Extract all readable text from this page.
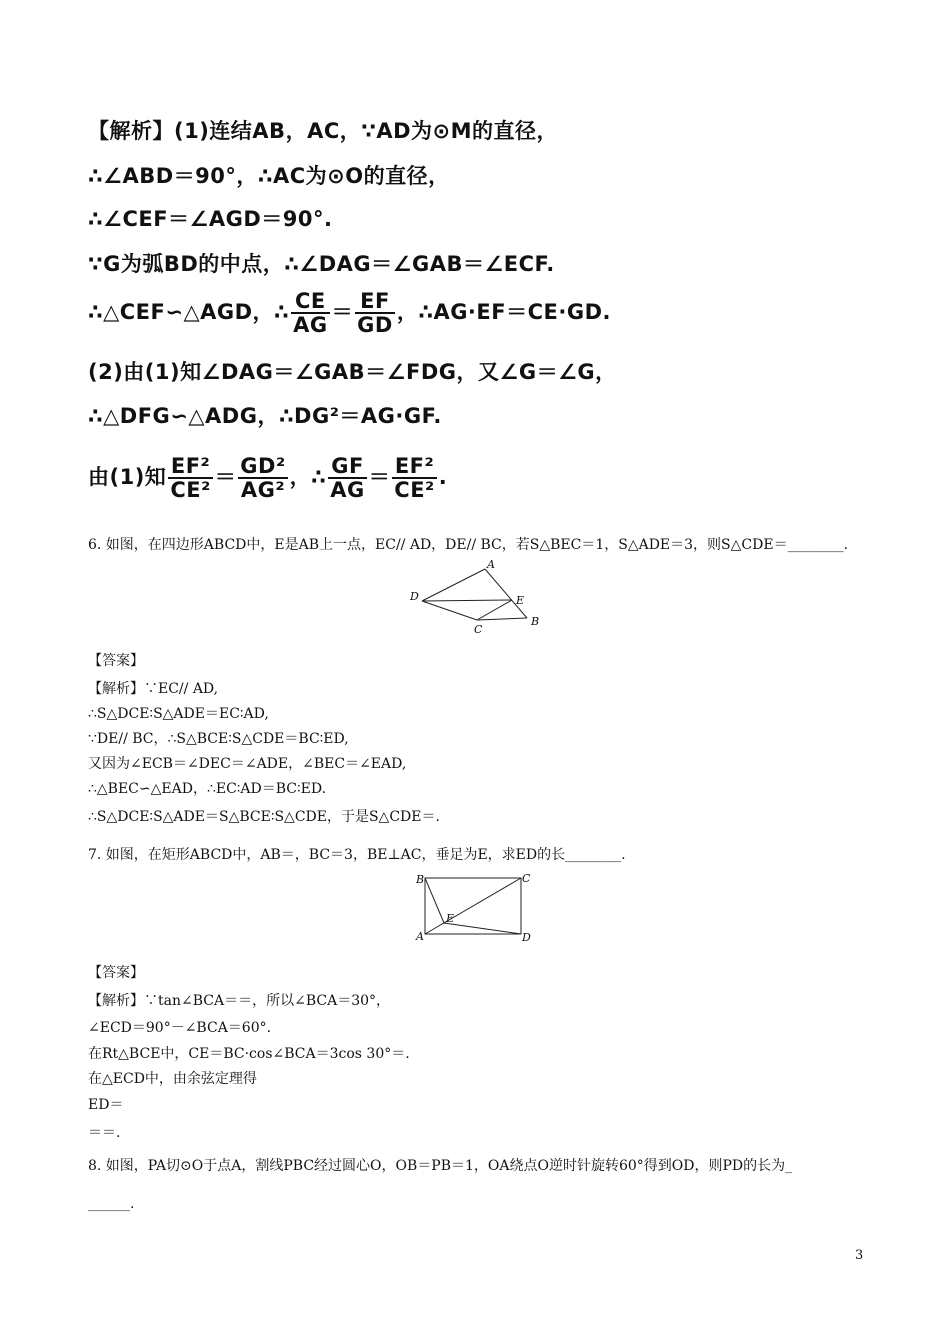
【解析】(1)连结AB，AC，∵AD为⊙M的直径，
∴∠ABD＝90°，∴AC为⊙O的直径，
∴∠CEF＝∠AGD＝90°.
∵G为弧BD的中点，∴∠DAG＝∠GAB＝∠ECF.
∴△CEF∽△AGD，∴ $\frac{CE}{AG} = \frac{EF}{GD}$ ，∴AG·EF＝CE·GD.
(2)由(1)知∠DAG＝∠GAB＝∠FDG，又∠G＝∠G，
∴△DFG∽△ADG，∴DG²＝AG·GF.
由(1)知 $\frac{\text{EF²}}{\text{CE²}} = \frac{\text{GD²}}{\text{AG²}}$ ，∴ $\frac{GF}{AG} = \frac{\text{EF²}}{\text{CE²}}$ .
6. 如图，在四边形ABCD中，E是AB上一点，EC// AD，DE// BC，若S△BEC＝1，S△ADE＝3，则S△CDE＝________.
A
B
C
D	E
【答案】
【解析】∵EC// AD,
∴S△DCE∶S△ADE＝EC∶AD,
∵DE// BC，∴S△BCE∶S△CDE＝BC∶ED,
又因为∠ECB＝∠DEC＝∠ADE，∠BEC＝∠EAD,
∴△BEC∽△EAD，∴EC∶AD＝BC∶ED.
∴S△DCE∶S△ADE＝S△BCE∶S△CDE，于是S△CDE＝.
7. 如图，在矩形ABCD中，AB＝，BC＝3，BE⊥AC，垂足为E，求ED的长________.
B	C
A	D
E
【答案】
【解析】∵tan∠BCA＝＝，所以∠BCA＝30°，
∠ECD＝90°－∠BCA＝60°.
在Rt△BCE中，CE＝BC·cos∠BCA＝3cos 30°＝.
在△ECD中，由余弦定理得
ED＝
＝＝.
8. 如图，PA切⊙O于点A，割线PBC经过圆心O，OB＝PB＝1，OA绕点O逆时针旋转60°得到OD，则PD的长为_
______.
3
